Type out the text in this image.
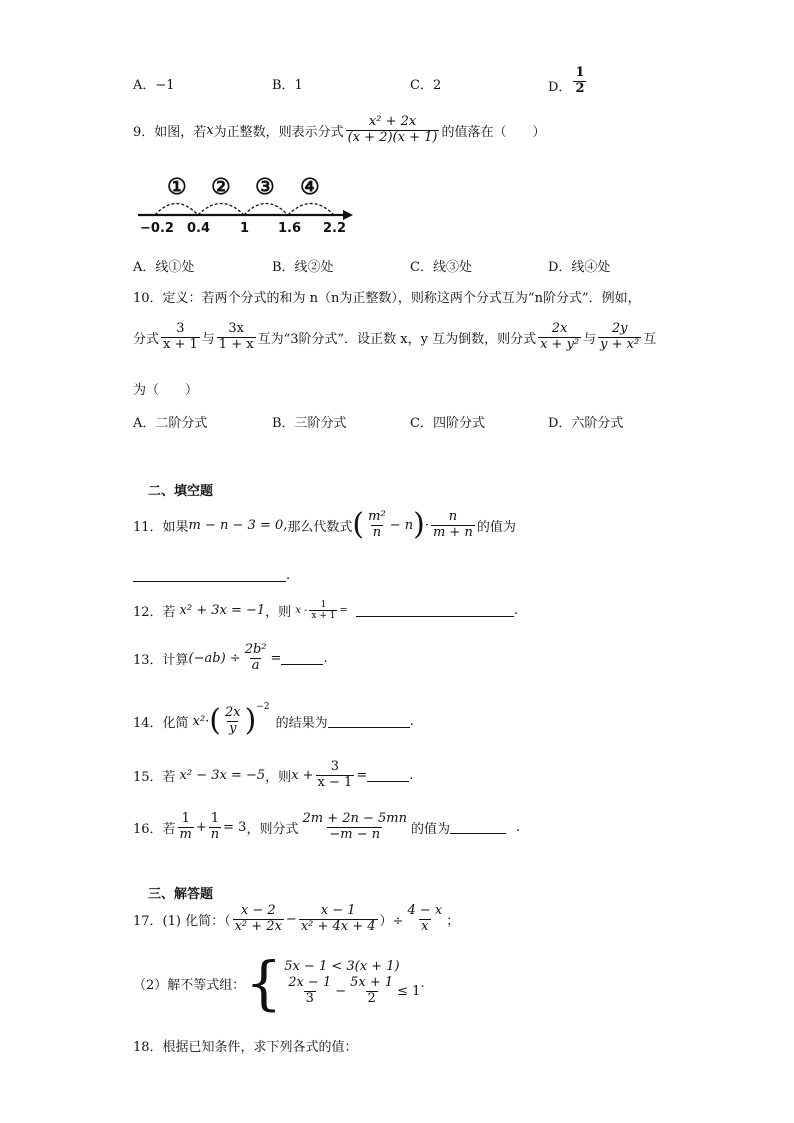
A．−1	B．1	C．2	D． $\frac{1}{2}$
9．如图，若 x 为正整数，则表示分式 $\frac{\text{x² + 2x}}{(x + 2)(x + 1)}$ 的值落在（　　）
① ② ③ ④
−0.2 0.4 1 1.6 2.2
A．线①处	B．线②处	C．线③处	D．线④处
10．定义：若两个分式的和为 n（n为正整数），则称这两个分式互为“n阶分式”．例如，
分式 $\frac{3}{x + 1}$ 与 $\frac{3x}{1 + x}$ 互为“3阶分式”．设正数 x，y 互为倒数，则分式 $\frac{2x}{\text{x + y²}}$ 与 $\frac{2y}{\text{y + x²}}$ 互
为（　　）
A．二阶分式	B．三阶分式	C．四阶分式	D．六阶分式
二、填空题
11．如果 m − n − 3 = 0, 那么代数式 ( $\frac{\text{m²}}{n} - n$ ) · $\frac{n}{m + n}$ 的值为
.
12．若 x² + 3x = −1 ，则 x - $\frac{1}{x + 1}$ =	.
13．计算 $(-ab) \div \frac{\text{2b²}}{a}$ =	.
14．化简 x²· ( $\frac{2x}{y}$ ) −2
的结果为	.
15．若 x² − 3x = −5 ，则 $x + \frac{3}{x - 1}$ =	.
16．若 $\frac{1}{m} + \frac{1}{n} = 3$ ，则分式 $\frac{2m + 2n - 5mn}{-m - n}$ 的值为	.
三、解答题
17．(1) 化简：（ $\frac{x - 2}{\text{x² + 2x}} - \frac{x - 1}{\text{x² + 4x + 4}}$ ）÷ $\frac{4 - x}{x}$ ；
（2）解不等式组： { 5x − 1 < 3(x + 1)
$\frac{2x - 1}{3} - \frac{5x + 1}{2} \le 1$
.
18．根据已知条件，求下列各式的值：
